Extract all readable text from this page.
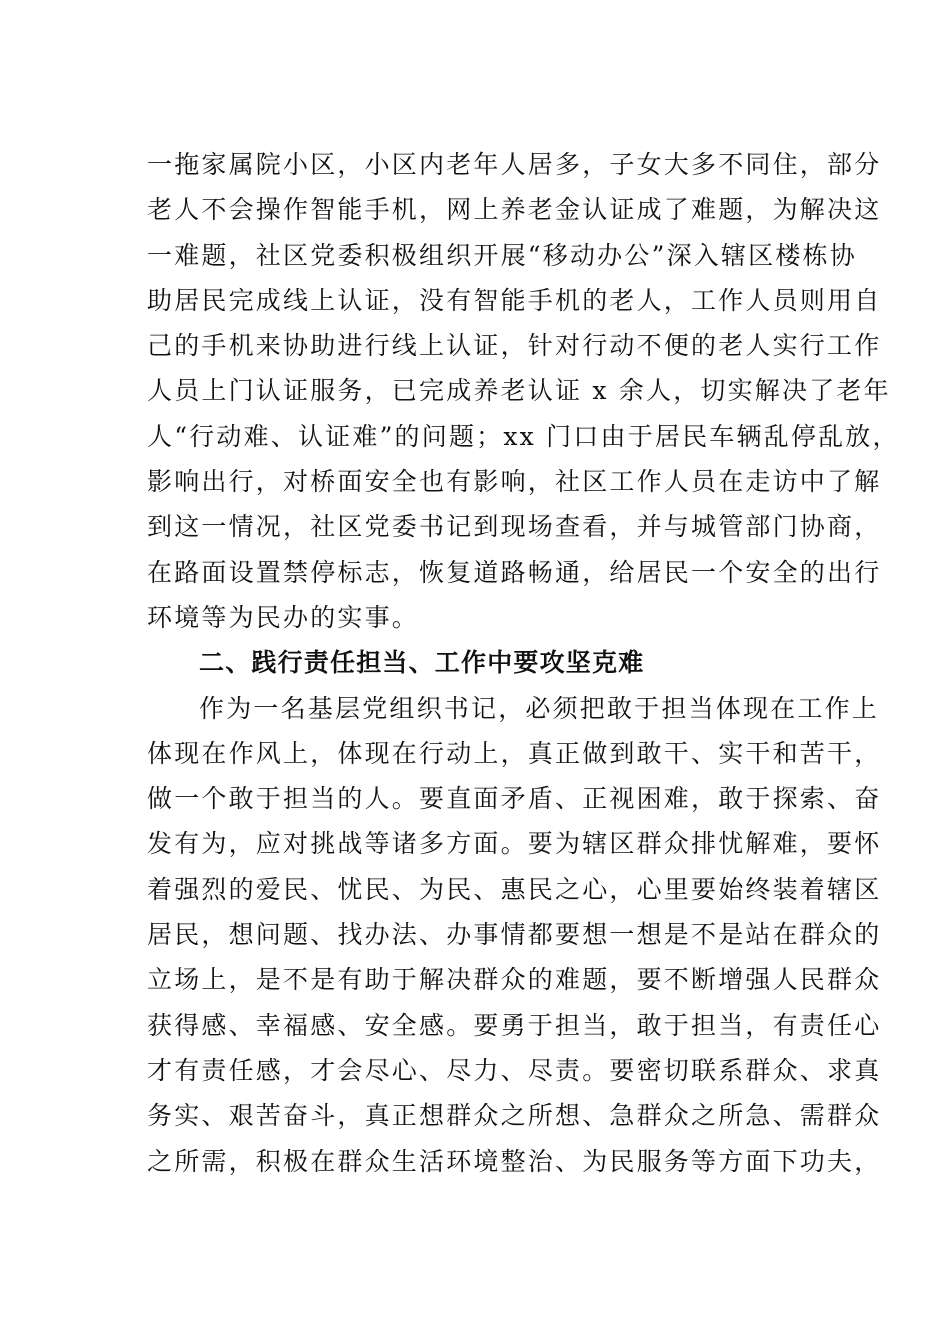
一拖家属院小区，小区内老年人居多，子女大多不同住，部分
老人不会操作智能手机，网上养老金认证成了难题，为解决这
一难题，社区党委积极组织开展“移动办公”深入辖区楼栋协
助居民完成线上认证，没有智能手机的老人，工作人员则用自
己的手机来协助进行线上认证，针对行动不便的老人实行工作
人员上门认证服务，已完成养老认证 x 余人，切实解决了老年
人“行动难、认证难”的问题；xx 门口由于居民车辆乱停乱放，
影响出行，对桥面安全也有影响，社区工作人员在走访中了解
到这一情况，社区党委书记到现场查看，并与城管部门协商，
在路面设置禁停标志，恢复道路畅通，给居民一个安全的出行
环境等为民办的实事。
二、践行责任担当、工作中要攻坚克难
作为一名基层党组织书记，必须把敢于担当体现在工作上
体现在作风上，体现在行动上，真正做到敢干、实干和苦干，
做一个敢于担当的人。要直面矛盾、正视困难，敢于探索、奋
发有为，应对挑战等诸多方面。要为辖区群众排忧解难，要怀
着强烈的爱民、忧民、为民、惠民之心，心里要始终装着辖区
居民，想问题、找办法、办事情都要想一想是不是站在群众的
立场上，是不是有助于解决群众的难题，要不断增强人民群众
获得感、幸福感、安全感。要勇于担当，敢于担当，有责任心
才有责任感，才会尽心、尽力、尽责。要密切联系群众、求真
务实、艰苦奋斗，真正想群众之所想、急群众之所急、需群众
之所需，积极在群众生活环境整治、为民服务等方面下功夫，
